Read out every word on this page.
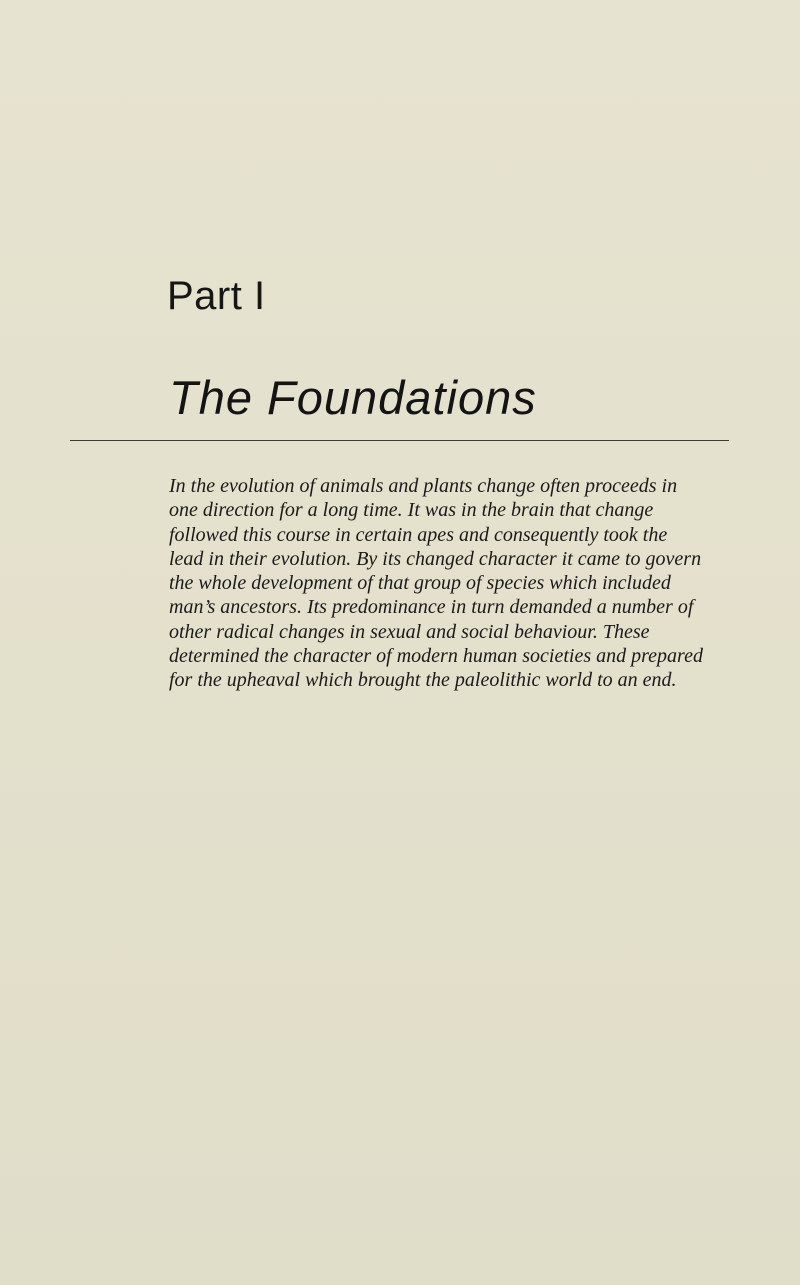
Part I
The Foundations

In the evolution of animals and plants change often proceeds in
one direction for a long time. It was in the brain that change
followed this course in certain apes and consequently took the
lead in their evolution. By its changed character it came to govern
the whole development of that group of species which included
man’s ancestors. Its predominance in turn demanded a number of
other radical changes in sexual and social behaviour. These
determined the character of modern human societies and prepared
for the upheaval which brought the paleolithic world to an end.
